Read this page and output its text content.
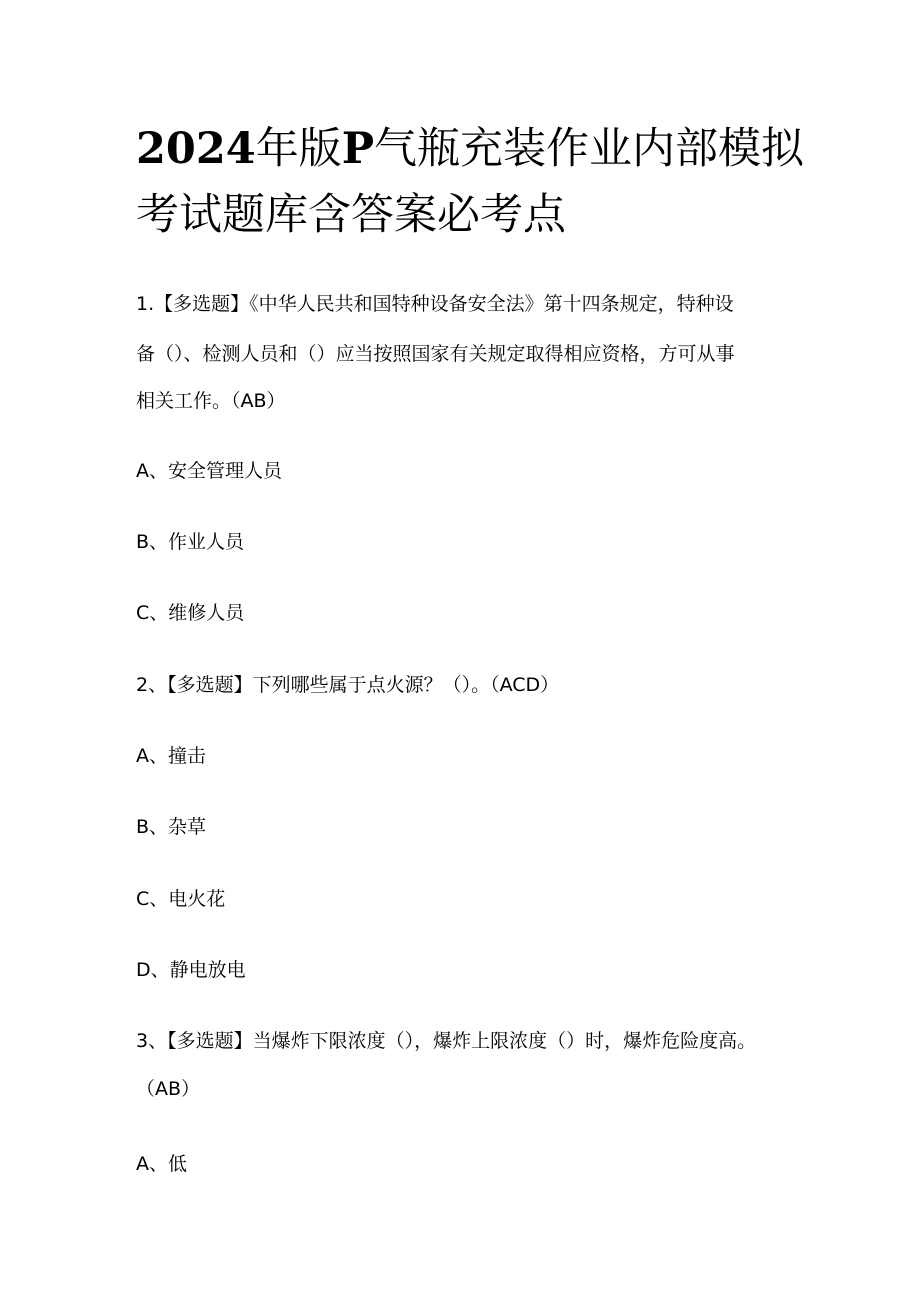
2024年版P气瓶充装作业内部模拟
考试题库含答案必考点
1.【多选题】《中华人民共和国特种设备安全法》第十四条规定，特种设
备（）、检测人员和（）应当按照国家有关规定取得相应资格，方可从事
相关工作。（AB）
A、安全管理人员
B、作业人员
C、维修人员
2、【多选题】下列哪些属于点火源？（）。（ACD）
A、撞击
B、杂草
C、电火花
D、静电放电
3、【多选题】当爆炸下限浓度（），爆炸上限浓度（）时，爆炸危险度高。
（AB）
A、低
